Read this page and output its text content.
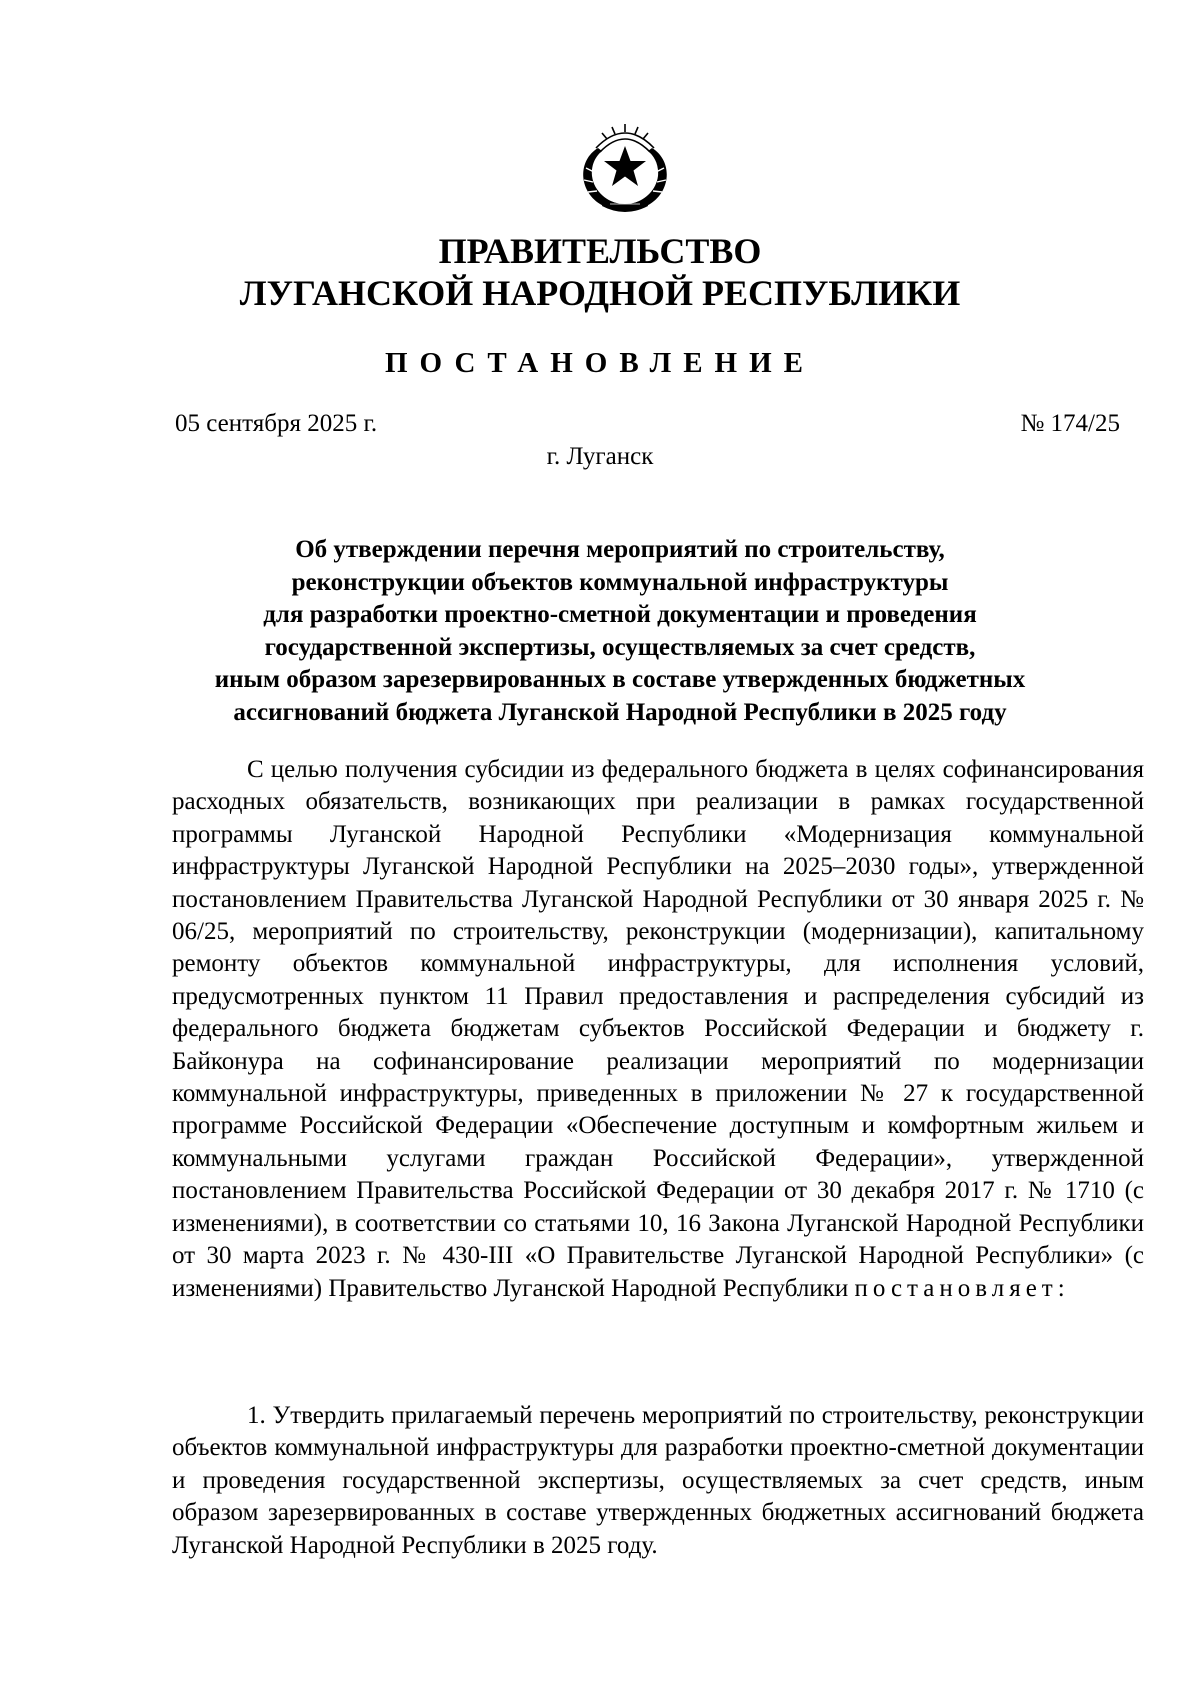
ПРАВИТЕЛЬСТВО
ЛУГАНСКОЙ НАРОДНОЙ РЕСПУБЛИКИ
ПОСТАНОВЛЕНИЕ
05 сентября 2025 г.	№ 174/25
г. Луганск
Об утверждении перечня мероприятий по строительству,
реконструкции объектов коммунальной инфраструктуры
для разработки проектно-сметной документации и проведения
государственной экспертизы, осуществляемых за счет средств,
иным образом зарезервированных в составе утвержденных бюджетных
ассигнований бюджета Луганской Народной Республики в 2025 году
С целью получения субсидии из федерального бюджета в целях софинансирования расходных обязательств, возникающих при реализации в рамках государственной программы Луганской Народной Республики «Модернизация коммунальной инфраструктуры Луганской Народной Республики на 2025–2030 годы», утвержденной постановлением Правительства Луганской Народной Республики от 30 января 2025 г. № 06/25, мероприятий по строительству, реконструкции (модернизации), капитальному ремонту объектов коммунальной инфраструктуры, для исполнения условий, предусмотренных пунктом 11 Правил предоставления и распределения субсидий из федерального бюджета бюджетам субъектов Российской Федерации и бюджету г. Байконура на софинансирование реализации мероприятий по модернизации коммунальной инфраструктуры, приведенных в приложении № 27 к государственной программе Российской Федерации «Обеспечение доступным и комфортным жильем и коммунальными услугами граждан Российской Федерации», утвержденной постановлением Правительства Российской Федерации от 30 декабря 2017 г. № 1710 (с изменениями), в соответствии со статьями 10, 16 Закона Луганской Народной Республики от 30 марта 2023 г. № 430-III «О Правительстве Луганской Народной Республики» (с изменениями) Правительство Луганской Народной Республики постановляет:
1. Утвердить прилагаемый перечень мероприятий по строительству, реконструкции объектов коммунальной инфраструктуры для разработки проектно-сметной документации и проведения государственной экспертизы, осуществляемых за счет средств, иным образом зарезервированных в составе утвержденных бюджетных ассигнований бюджета Луганской Народной Республики в 2025 году.
